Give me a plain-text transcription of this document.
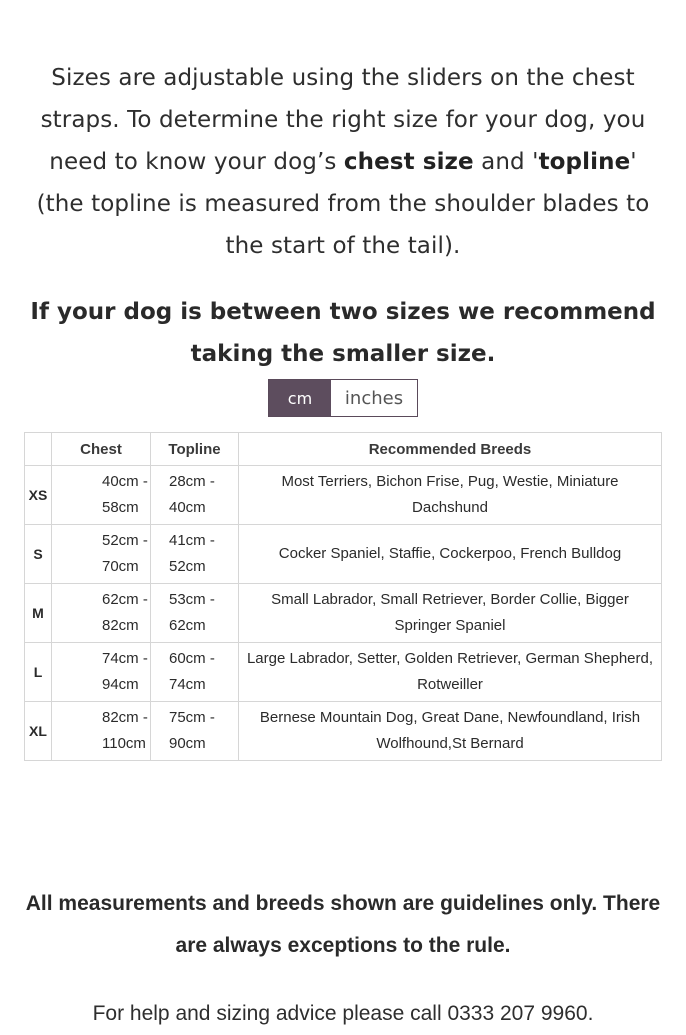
Sizes are adjustable using the sliders on the chest straps. To determine the right size for your dog, you need to know your dog’s chest size and 'topline' (the topline is measured from the shoulder blades to the start of the tail).

If your dog is between two sizes we recommend taking the smaller size.

cm	inches
	Chest	Topline	Recommended Breeds
XS	40cm - 58cm	28cm - 40cm	Most Terriers, Bichon Frise, Pug, Westie, Miniature Dachshund
S	52cm - 70cm	41cm - 52cm	Cocker Spaniel, Staffie, Cockerpoo, French Bulldog
M	62cm - 82cm	53cm - 62cm	Small Labrador, Small Retriever, Border Collie, Bigger Springer Spaniel
L	74cm - 94cm	60cm - 74cm	Large Labrador, Setter, Golden Retriever, German Shepherd, Rotweiller
XL	82cm - 110cm	75cm - 90cm	Bernese Mountain Dog, Great Dane, Newfoundland, Irish Wolfhound,St Bernard

All measurements and breeds shown are guidelines only. There are always exceptions to the rule.

For help and sizing advice please call 0333 207 9960.
